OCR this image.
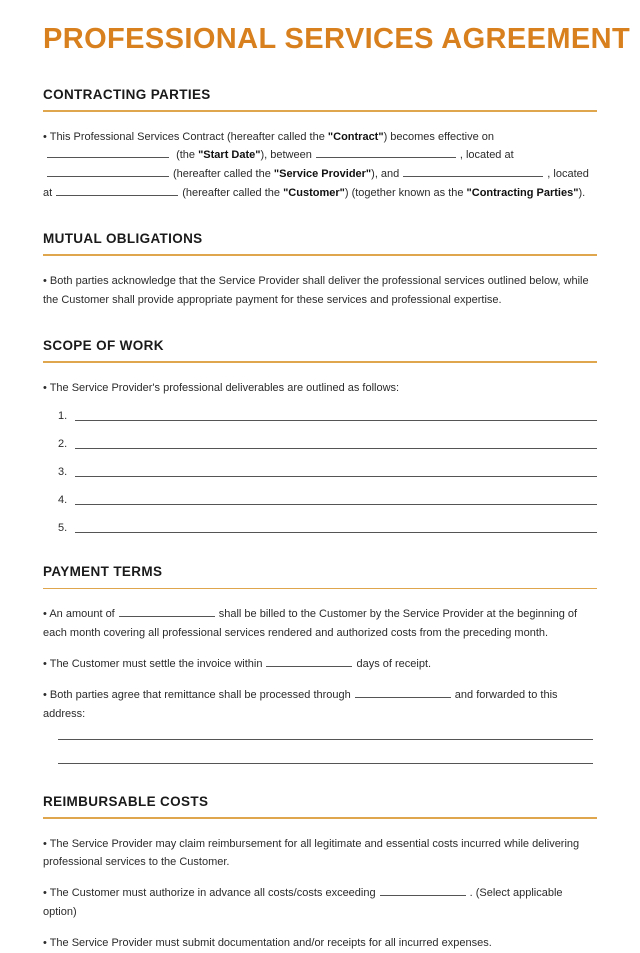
PROFESSIONAL SERVICES AGREEMENT
CONTRACTING PARTIES

• This Professional Services Contract (hereafter called the "Contract") becomes effective on (the "Start Date"), between	, located at(hereafter called the "Service Provider"), and	, located at	(hereafter called the "Customer") (together known as the "Contracting Parties").

MUTUAL OBLIGATIONS

• Both parties acknowledge that the Service Provider shall deliver the professional services outlined below, while the Customer shall provide appropriate payment for these services and professional expertise.

SCOPE OF WORK

• The Service Provider's professional deliverables are outlined as follows:

1.
2.
3.
4.
5.
PAYMENT TERMS

• An amount of	shall be billed to the Customer by the Service Provider at the beginning of each month covering all professional services rendered and authorized costs from the preceding month.

• The Customer must settle the invoice within	days of receipt.

• Both parties agree that remittance shall be processed through	and forwarded to this address:

REIMBURSABLE COSTS

• The Service Provider may claim reimbursement for all legitimate and essential costs incurred while delivering professional services to the Customer.

• The Customer must authorize in advance all costs/costs exceeding	. (Select applicable option)

• The Service Provider must submit documentation and/or receipts for all incurred expenses.
